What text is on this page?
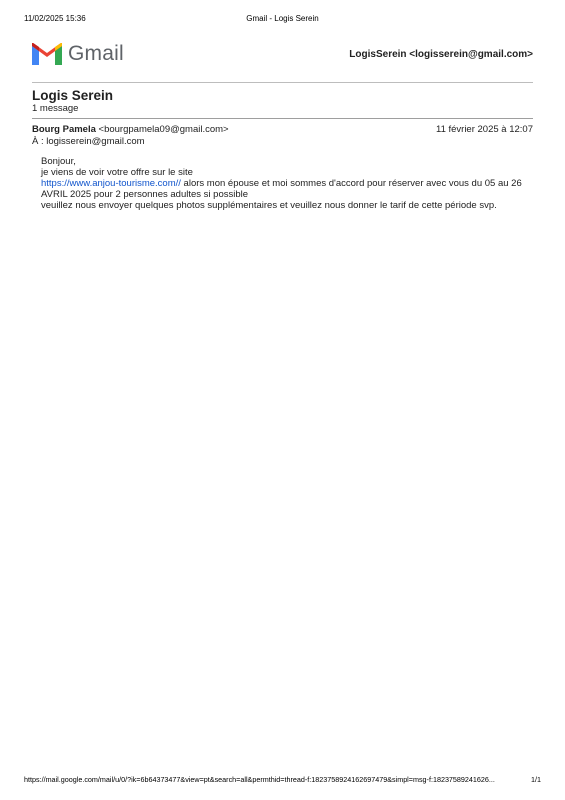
11/02/2025 15:36	Gmail - Logis Serein
Gmail	LogisSerein <logisserein@gmail.com>
Logis Serein
1 message
Bourg Pamela <bourgpamela09@gmail.com>	11 février 2025 à 12:07
À : logisserein@gmail.com
Bonjour,
je viens de voir votre offre sur le site
https://www.anjou-tourisme.com// alors mon épouse et moi sommes d'accord pour réserver avec vous du 05 au 26 AVRIL 2025 pour 2 personnes adultes si possible
veuillez nous envoyer quelques photos supplémentaires et veuillez nous donner le tarif de cette période svp.
https://mail.google.com/mail/u/0/?ik=6b64373477&view=pt&search=all&permthid=thread-f:1823758924162697479&simpl=msg-f:18237589241626...	1/1
